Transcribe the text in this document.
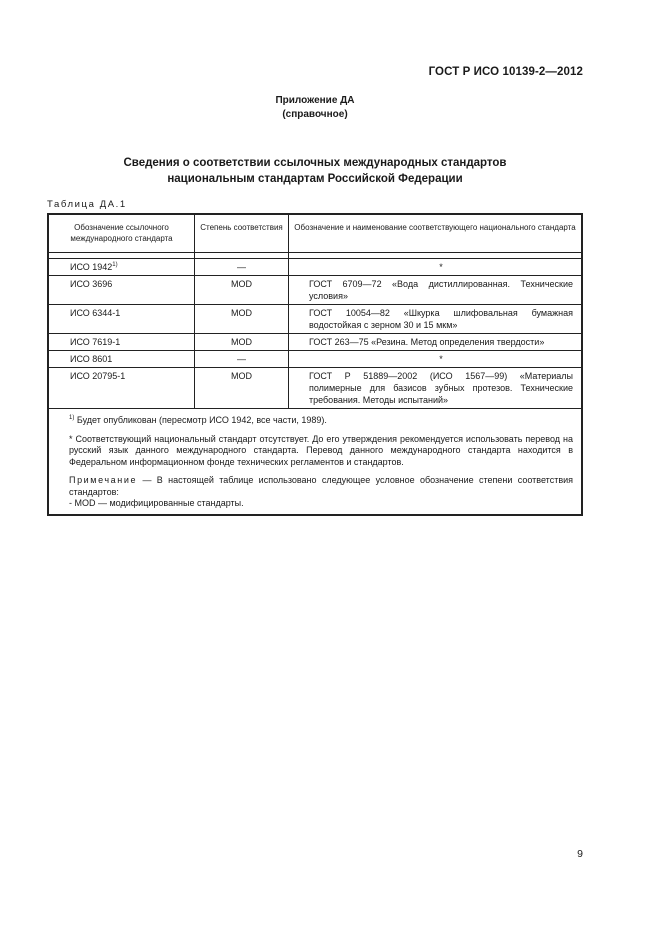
ГОСТ Р ИСО 10139-2—2012
Приложение ДА
(справочное)
Сведения о соответствии ссылочных международных стандартов
национальным стандартам Российской Федерации
Таблица ДА.1
Обозначение ссылочного международного стандарта	Степень соответствия	Обозначение и наименование соответствующего национального стандарта

ИСО 1942$^{1)}$	—	*
ИСО 3696	MOD	ГОСТ 6709—72 «Вода дистиллированная. Технические условия»
ИСО 6344-1	MOD	ГОСТ 10054—82 «Шкурка шлифовальная бумажная водостойкая с зерном 30 и 15 мкм»
ИСО 7619-1	MOD	ГОСТ 263—75 «Резина. Метод определения твердости»
ИСО 8601	—	*
ИСО 20795-1	MOD	ГОСТ Р 51889—2002 (ИСО 1567—99) «Материалы полимерные для базисов зубных протезов. Технические требования. Методы испытаний»

$^{1)}$ Будет опубликован (пересмотр ИСО 1942, все части, 1989).

* Соответствующий национальный стандарт отсутствует. До его утверждения рекомендуется использовать перевод на русский язык данного международного стандарта. Перевод данного международного стандарта находится в Федеральном информационном фонде технических регламентов и стандартов.

Примечание — В настоящей таблице использовано следующее условное обозначение степени соответствия стандартов:

- MOD — модифицированные стандарты.		

9
